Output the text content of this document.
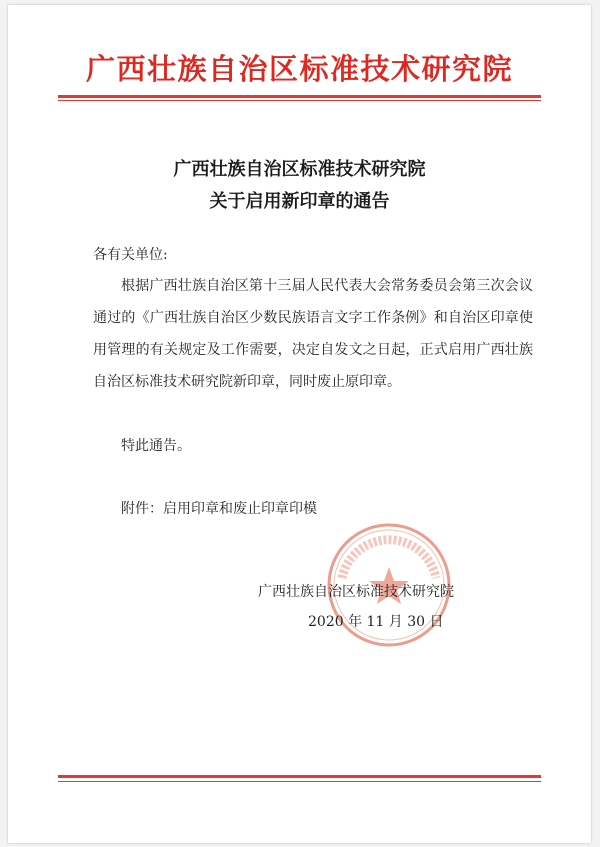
广西壮族自治区标准技术研究院
广西壮族自治区标准技术研究院
关于启用新印章的通告

各有关单位:

根据广西壮族自治区第十三届人民代表大会常务委员会第三次会议通过的《广西壮族自治区少数民族语言文字工作条例》和自治区印章使用管理的有关规定及工作需要，决定自发文之日起，正式启用广西壮族自治区标准技术研究院新印章，同时废止原印章。

特此通告。

附件：启用印章和废止印章印模

广西壮族自治区标准技术研究院
2020 年 11 月 30 日
